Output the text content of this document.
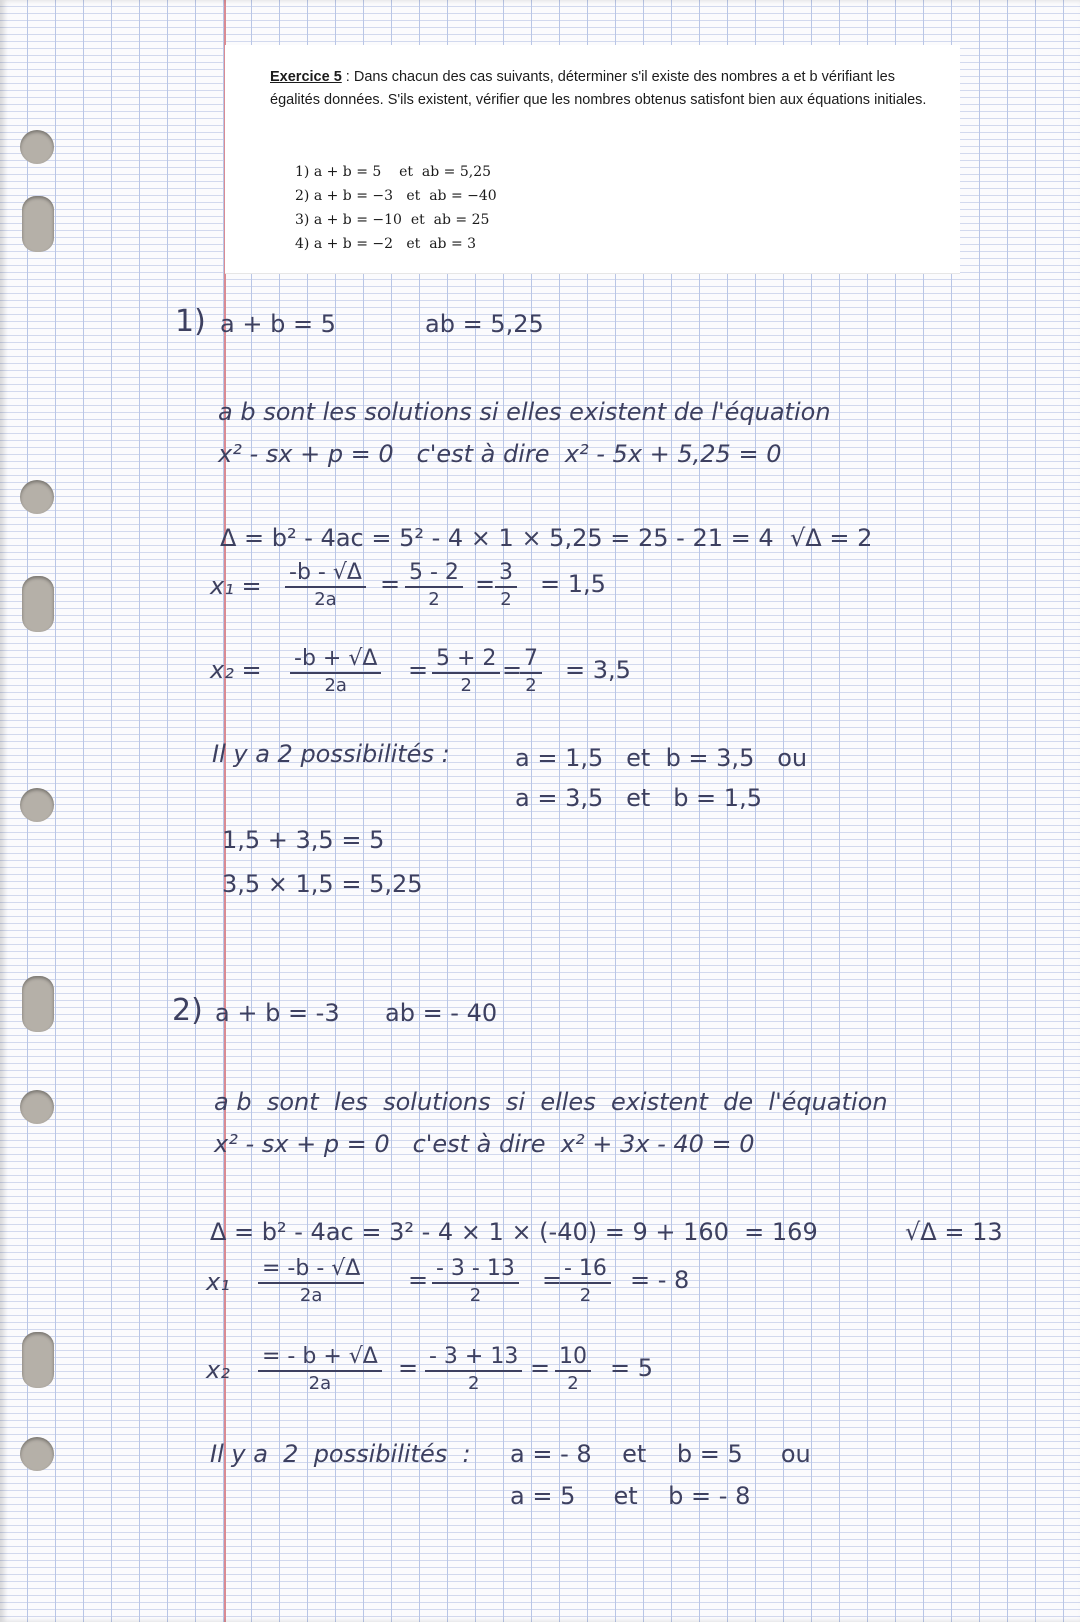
Exercice 5 : Dans chacun des cas suivants, déterminer s'il existe des nombres a et b vérifiant les égalités données. S'ils existent, vérifier que les nombres obtenus satisfont bien aux équations initiales.
1) a + b = 5    et  ab = 5,25
2) a + b = −3   et  ab = −40
3) a + b = −10  et  ab = 25
4) a + b = −2   et  ab = 3
1) a + b = 5	ab = 5,25
a b sont les solutions si elles existent de l'équation
x² - sx + p = 0   c'est à dire  x² - 5x + 5,25 = 0
Δ = b² - 4ac = 5² - 4 × 1 × 5,25 = 25 - 21 = 4 √Δ = 2
x₁ = -b - √Δ
2a
= 5 - 2
2
= 3
2
= 1,5
x₂ = -b + √Δ
2a
= 5 + 2
2
= 7
2
= 3,5
Il y a 2 possibilités :	a = 1,5   et  b = 3,5   ou
a = 3,5   et   b = 1,5
1,5 + 3,5 = 5
3,5 × 1,5 = 5,25
2) a + b = -3 ab = - 40
a b  sont  les  solutions  si  elles  existent  de  l'équation
x² - sx + p = 0   c'est à dire  x² + 3x - 40 = 0
Δ = b² - 4ac = 3² - 4 × 1 × (-40) = 9 + 160  = 169	√Δ = 13
x₁ = -b - √Δ
2a
= - 3 - 13
2
= - 16
2
= - 8
x₂ = - b + √Δ
2a
= - 3 + 13
2
= 10
2
= 5
Il y a  2  possibilités  : a = - 8    et    b = 5     ou
a = 5     et    b = - 8
